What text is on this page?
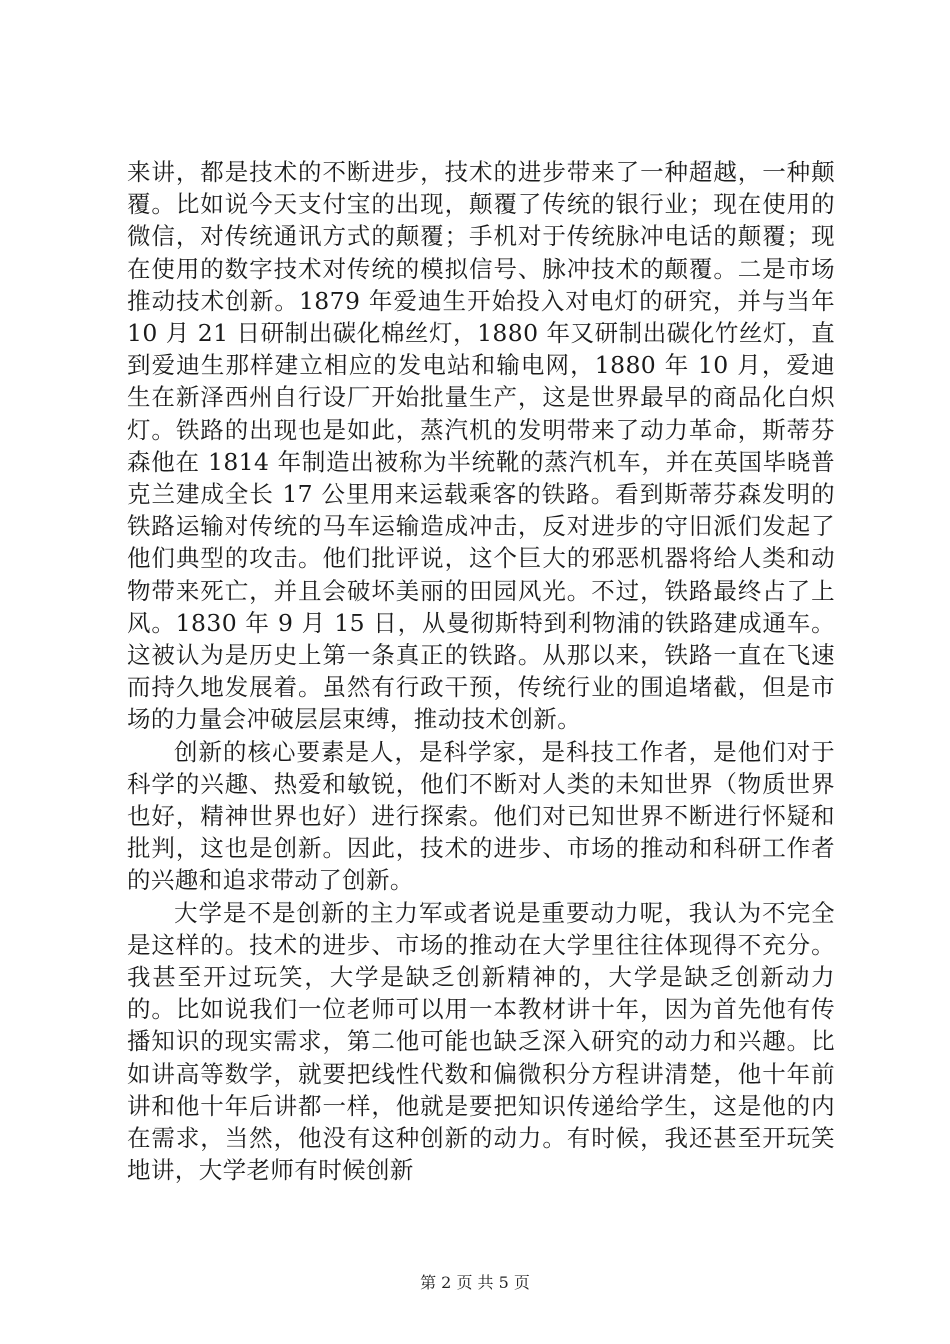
来讲，都是技术的不断进步，技术的进步带来了一种超越，一种颠覆。比如说今天支付宝的出现，颠覆了传统的银行业；现在使用的微信，对传统通讯方式的颠覆；手机对于传统脉冲电话的颠覆；现在使用的数字技术对传统的模拟信号、脉冲技术的颠覆。二是市场推动技术创新。1879 年爱迪生开始投入对电灯的研究，并与当年 10 月 21 日研制出碳化棉丝灯，1880 年又研制出碳化竹丝灯，直到爱迪生那样建立相应的发电站和输电网，1880 年 10 月，爱迪生在新泽西州自行设厂开始批量生产，这是世界最早的商品化白炽灯。铁路的出现也是如此，蒸汽机的发明带来了动力革命，斯蒂芬森他在 1814 年制造出被称为半统靴的蒸汽机车，并在英国毕晓普克兰建成全长 17 公里用来运载乘客的铁路。看到斯蒂芬森发明的铁路运输对传统的马车运输造成冲击，反对进步的守旧派们发起了他们典型的攻击。他们批评说，这个巨大的邪恶机器将给人类和动物带来死亡，并且会破坏美丽的田园风光。不过，铁路最终占了上风。1830 年 9 月 15 日，从曼彻斯特到利物浦的铁路建成通车。这被认为是历史上第一条真正的铁路。从那以来，铁路一直在飞速而持久地发展着。虽然有行政干预，传统行业的围追堵截，但是市场的力量会冲破层层束缚，推动技术创新。

创新的核心要素是人，是科学家，是科技工作者，是他们对于科学的兴趣、热爱和敏锐，他们不断对人类的未知世界（物质世界也好，精神世界也好）进行探索。他们对已知世界不断进行怀疑和批判，这也是创新。因此，技术的进步、市场的推动和科研工作者的兴趣和追求带动了创新。

大学是不是创新的主力军或者说是重要动力呢，我认为不完全是这样的。技术的进步、市场的推动在大学里往往体现得不充分。我甚至开过玩笑，大学是缺乏创新精神的，大学是缺乏创新动力的。比如说我们一位老师可以用一本教材讲十年，因为首先他有传播知识的现实需求，第二他可能也缺乏深入研究的动力和兴趣。比如讲高等数学，就要把线性代数和偏微积分方程讲清楚，他十年前讲和他十年后讲都一样，他就是要把知识传递给学生，这是他的内在需求，当然，他没有这种创新的动力。有时候，我还甚至开玩笑地讲，大学老师有时候创新

第 2 页 共 5 页
